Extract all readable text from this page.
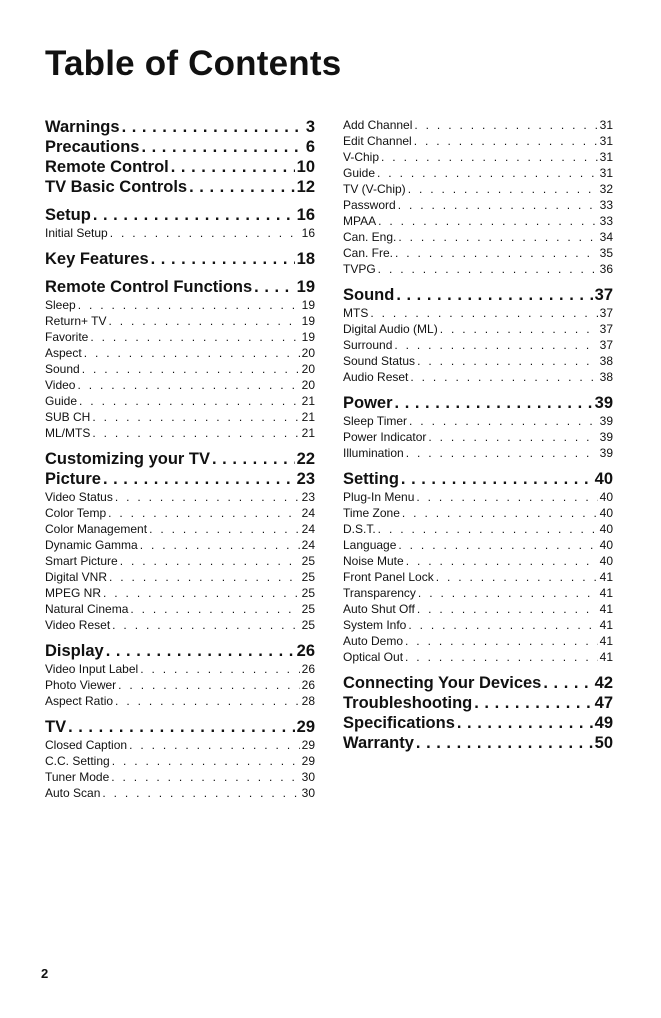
Table of Contents
Warnings . . .	3
Precautions . . .	6
Remote Control . . .	10
TV Basic Controls . . .	12
Setup . . .	16
Initial Setup . . .	16
Key Features . . .	18
Remote Control Functions . . .	19
Sleep . . .	19
Return+ TV . . .	19
Favorite . . .	19
Aspect . . .	20
Sound . . .	20
Video . . .	20
Guide . . .	21
SUB CH . . .	21
ML/MTS . . .	21
Customizing your TV . . .	22
Picture . . .	23
Video Status . . .	23
Color Temp . . .	24
Color Management . . .	24
Dynamic Gamma . . .	24
Smart Picture . . .	25
Digital VNR . . .	25
MPEG NR . . .	25
Natural Cinema . . .	25
Video Reset . . .	25
Display . . .	26
Video Input Label . . .	26
Photo Viewer . . .	26
Aspect Ratio . . .	28
TV . . .	29
Closed Caption . . .	29
C.C. Setting . . .	29
Tuner Mode . . .	30
Auto Scan . . .	30
Add Channel . . .	31
Edit Channel . . .	31
V-Chip . . .	31
Guide . . .	31
TV (V-Chip) . . .	32
Password . . .	33
MPAA . . .	33
Can. Eng. . . .	34
Can. Fre. . . .	35
TVPG . . .	36
Sound . . .	37
MTS . . .	37
Digital Audio (ML) . . .	37
Surround . . .	37
Sound Status . . .	38
Audio Reset . . .	38
Power . . .	39
Sleep Timer . . .	39
Power Indicator . . .	39
Illumination . . .	39
Setting . . .	40
Plug-In Menu . . .	40
Time Zone . . .	40
D.S.T. . . .	40
Language . . .	40
Noise Mute . . .	40
Front Panel Lock . . .	41
Transparency . . .	41
Auto Shut Off . . .	41
System Info . . .	41
Auto Demo . . .	41
Optical Out . . .	41
Connecting Your Devices . . .	42
Troubleshooting . . .	47
Specifications . . .	49
Warranty . . .	50
2
